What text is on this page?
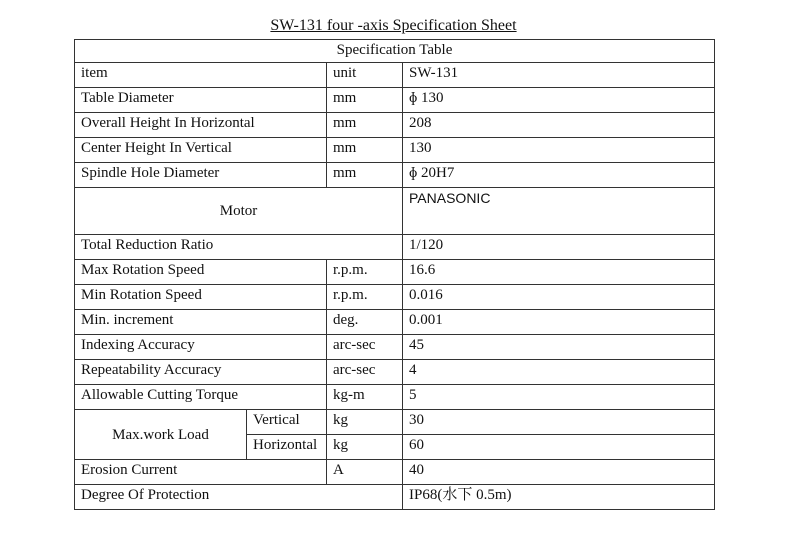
SW-131 four -axis Specification Sheet
Specification Table			
item		unit	SW-131
Table Diameter		mm	ɸ 130
Overall Height In Horizontal		mm	208
Center Height In Vertical		mm	130
Spindle Hole Diameter		mm	ɸ 20H7
Motor			PANASONIC
Total Reduction Ratio			1/120
Max Rotation Speed		r.p.m.	16.6
Min Rotation Speed		r.p.m.	0.016
Min. increment		deg.	0.001
Indexing Accuracy		arc-sec	45
Repeatability Accuracy		arc-sec	4
Allowable Cutting Torque		kg-m	5
Max.work Load	Vertical	kg	30
	Horizontal	kg	60
Erosion Current		A	40
Degree Of Protection			IP68(水下 0.5m)
